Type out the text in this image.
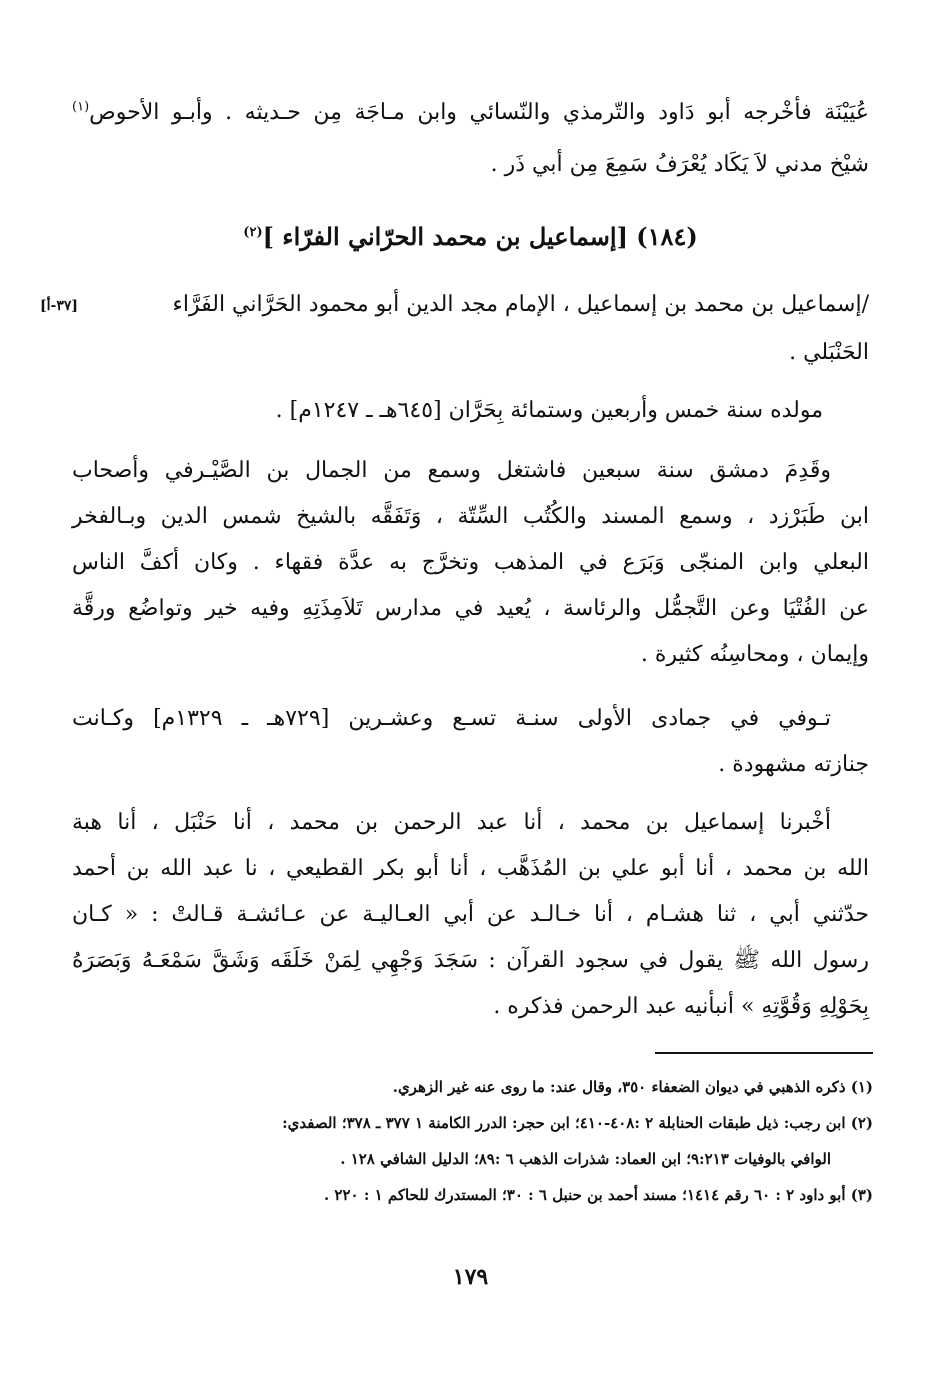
عُيَيْنَة فأخْرجه أبو دَاود والتّرمذي والنّسائي وابن مـاجَة مِن حـديثه . وأبـو الأحوص$^{(١)}$
شيْخ مدني لاَ يَكَاد يُعْرَفُ سَمِعَ مِن أبي ذَر .
(١٨٤) [إسماعيل بن محمد الحرّاني الفرّاء ]$^{(٢)}$
[٣٧-أ]	/إسماعيل بن محمد بن إسماعيل ، الإمام مجد الدين أبو محمود الحَرَّاني الفَرَّاء
الحَنْبَلي .
مولده سنة خمس وأربعين وستمائة بِحَرَّان [٦٤٥هـ ـ ١٢٤٧م] .
وقَدِمَ دمشق سنة سبعين فاشتغل وسمع من الجمال بن الصَّيْـرفي وأصحاب
ابن طَبَرْزد ، وسمع المسند والكُتُب السِّتّة ، وَتَفَقَّه بالشيخ شمس الدين وبـالفخر
البعلي وابن المنجّى وَبَرَع في المذهب وتخرَّج به عدَّة فقهاء . وكان أكفَّ الناس
عن الفُتْيَا وعن التَّجمُّل والرئاسة ، يُعيد في مدارس تَلاَمِذَتِهِ وفيه خير وتواضُع ورقَّة
وإيمان ، ومحاسِنُه كثيرة .
تـوفي في جمادى الأولى سنـة تسـع وعشـرين [٧٢٩هـ ـ ١٣٢٩م] وكـانت
جنازته مشهودة .
أخْبرنا إسماعيل بن محمد ، أنا عبد الرحمن بن محمد ، أنا حَنْبَل ، أنا هبة
الله بن محمد ، أنا أبو علي بن المُذَهَّب ، أنا أبو بكر القطيعي ، نا عبد الله بن أحمد
حدّثني أبي ، ثنا هشـام ، أنا خـالـد عن أبي العـاليـة عن عـائشـة قـالتْ : « كـان
رسول الله ﷺ يقول في سجود القرآن : سَجَدَ وَجْهِي لِمَنْ خَلَقَه وَشَقَّ سَمْعَـهُ وَبَصَرَهُ
بِحَوْلِهِ وَقُوَّتِهِ » أنبأنيه عبد الرحمن فذكره .
(١) ذكره الذهبي في ديوان الضعفاء ٣٥٠، وقال عند: ما روى عنه غير الزهري.
(٢) ابن رجب: ذيل طبقات الحنابلة ٢ :٤٠٨-٤١٠؛ ابن حجر: الدرر الكامنة ١ ٣٧٧ ـ ٣٧٨؛ الصفدي:
الوافي بالوفيات ٩:٢١٣؛ ابن العماد: شذرات الذهب ٦ :٨٩؛ الدليل الشافي ١٢٨ .
(٣) أبو داود ٢ : ٦٠ رقم ١٤١٤؛ مسند أحمد بن حنبل ٦ : ٣٠؛ المستدرك للحاكم ١ : ٢٢٠ .
١٧٩
